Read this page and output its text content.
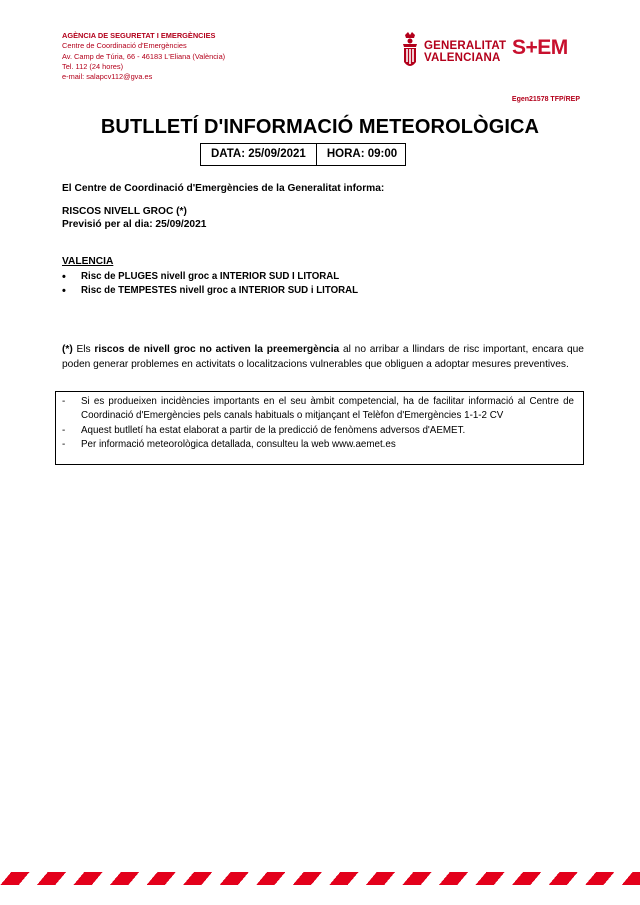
AGÈNCIA DE SEGURETAT I EMERGÈNCIES
Centre de Coordinació d'Emergències
Av. Camp de Túria, 66 - 46183 L'Eliana (València)
Tel. 112 (24 hores)
e-mail: salapcv112@gva.es
GENERALITAT
VALENCIANA S+EM
Egen21578 TFP/REP
BUTLLETÍ D'INFORMACIÓ METEOROLÒGICA
DATA: 25/09/2021	HORA: 09:00
El Centre de Coordinació d'Emergències de la Generalitat informa:
RISCOS NIVELL GROC (*)
Previsió per al dia: 25/09/2021
VALENCIA
• Risc de PLUGES nivell groc a INTERIOR SUD I LITORAL
• Risc de TEMPESTES nivell groc a INTERIOR SUD i LITORAL
(*) Els riscos de nivell groc no activen la preemergència al no arribar a llindars de risc important, encara que poden generar problemes en activitats o localitzacions vulnerables que obliguen a adoptar mesures preventives.
- Si es produeixen incidències importants en el seu àmbit competencial, ha de facilitar informació al Centre de Coordinació d'Emergències pels canals habituals o mitjançant el Telèfon d'Emergències 1-1-2 CV
- Aquest butlletí ha estat elaborat a partir de la predicció de fenòmens adversos d'AEMET.
- Per informació meteorològica detallada, consulteu la web www.aemet.es
